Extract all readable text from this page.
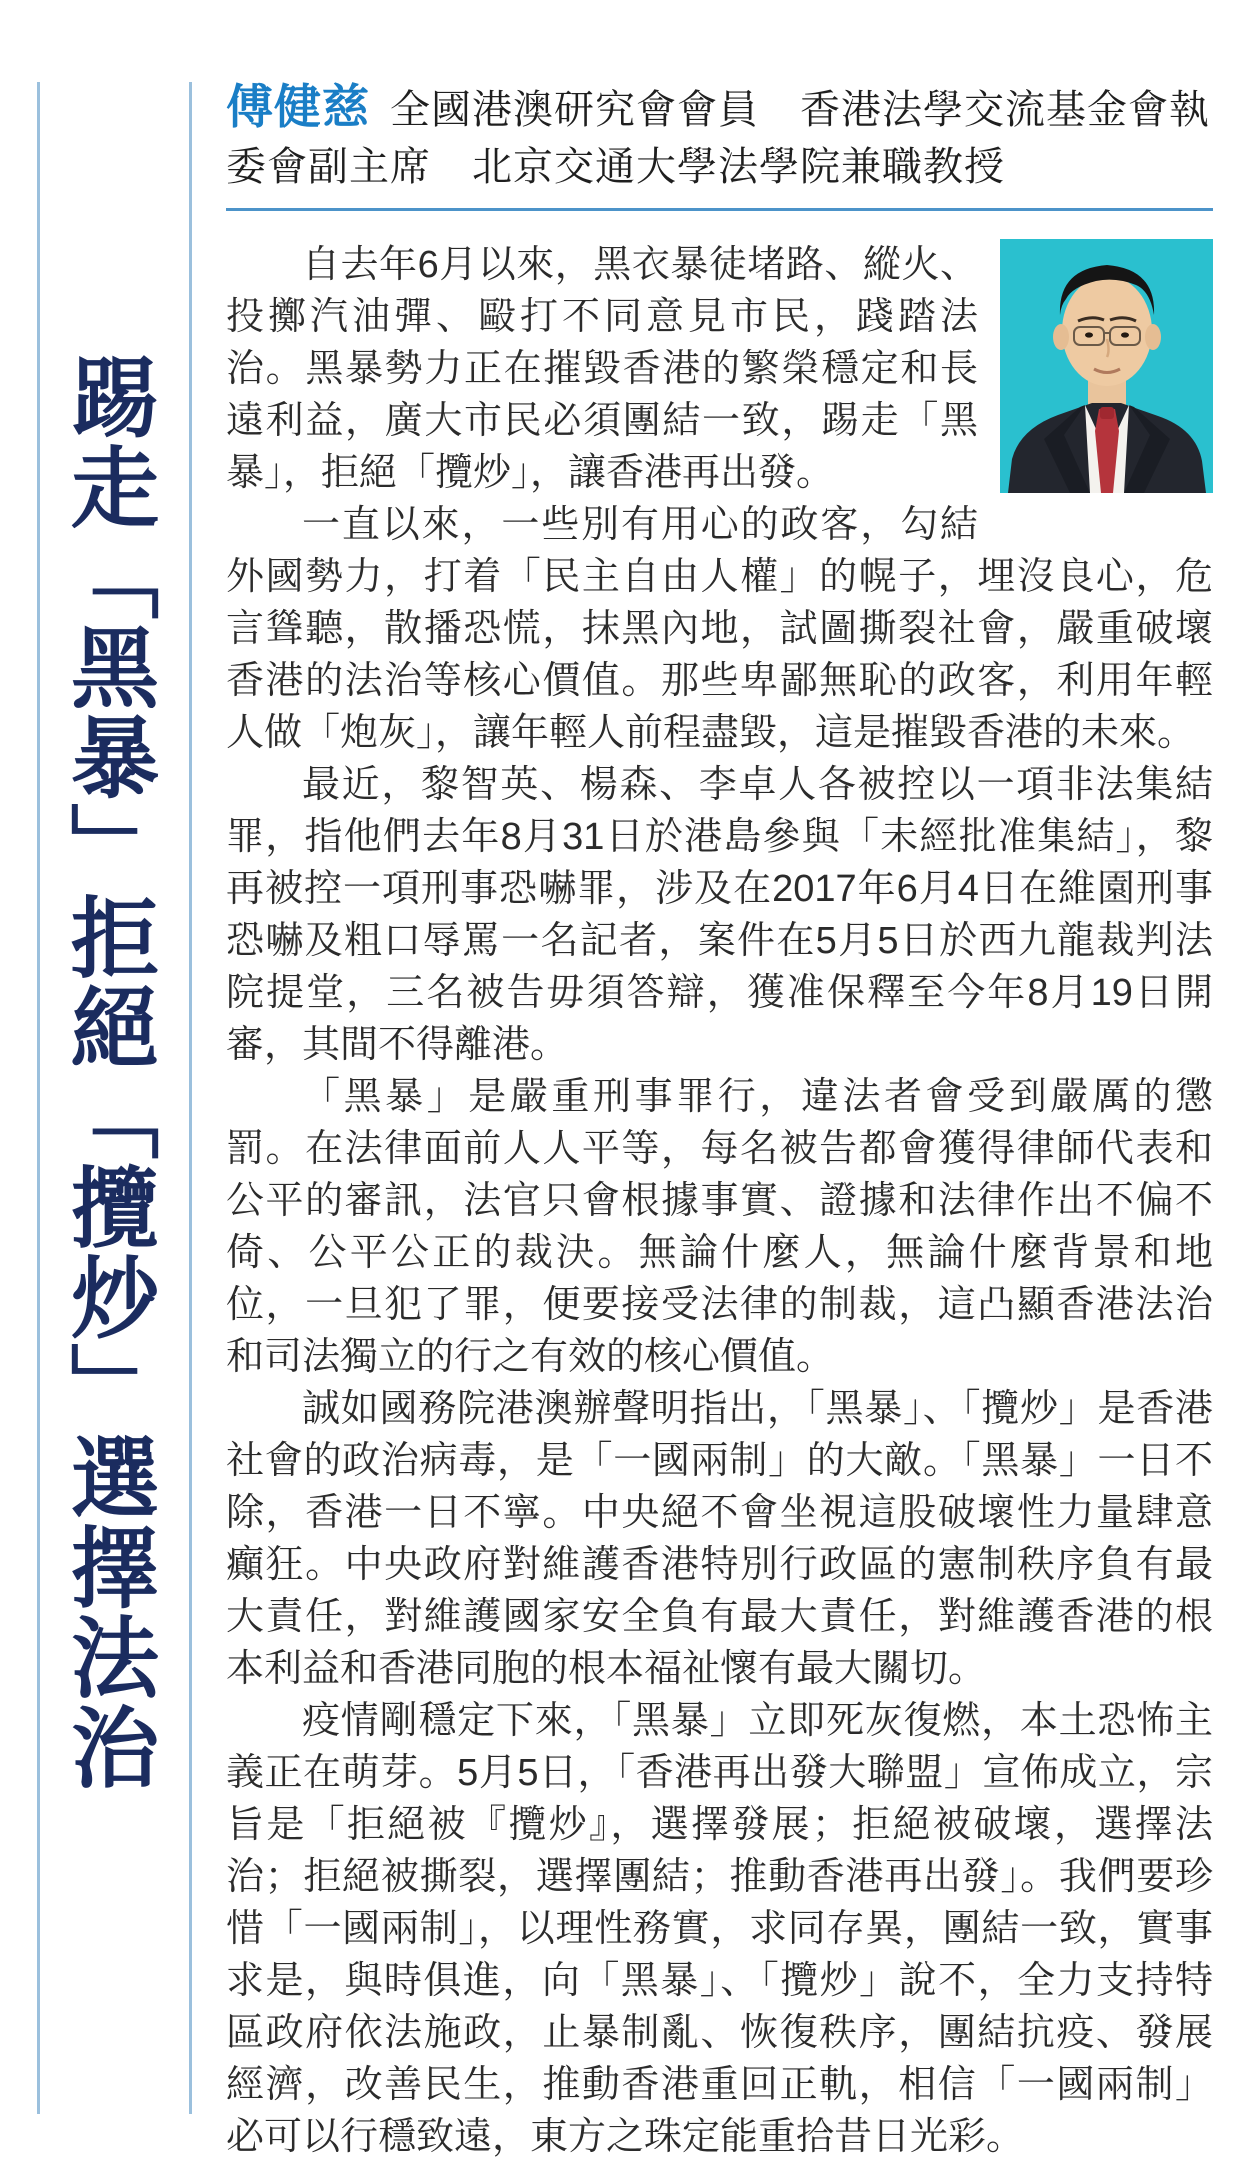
踢走「黑暴」拒絕「攬炒」選擇法治
傅健慈 全國港澳研究會會員　香港法學交流基金會執委會副主席　北京交通大學法學院兼職教授

自去年6月以來，黑衣暴徒堵路、縱火、投擲汽油彈、毆打不同意見市民，踐踏法治。黑暴勢力正在摧毀香港的繁榮穩定和長遠利益，廣大市民必須團結一致，踢走「黑暴」，拒絕「攬炒」，讓香港再出發。

一直以來，一些別有用心的政客，勾結外國勢力，打着「民主自由人權」的幌子，埋沒良心，危言聳聽，散播恐慌，抹黑內地，試圖撕裂社會，嚴重破壞香港的法治等核心價值。那些卑鄙無恥的政客，利用年輕人做「炮灰」，讓年輕人前程盡毀，這是摧毀香港的未來。

最近，黎智英、楊森、李卓人各被控以一項非法集結罪，指他們去年8月31日於港島參與「未經批准集結」，黎再被控一項刑事恐嚇罪，涉及在2017年6月4日在維園刑事恐嚇及粗口辱罵一名記者，案件在5月5日於西九龍裁判法院提堂，三名被告毋須答辯，獲准保釋至今年8月19日開審，其間不得離港。

「黑暴」是嚴重刑事罪行，違法者會受到嚴厲的懲罰。在法律面前人人平等，每名被告都會獲得律師代表和公平的審訊，法官只會根據事實、證據和法律作出不偏不倚、公平公正的裁決。無論什麼人，無論什麼背景和地位，一旦犯了罪，便要接受法律的制裁，這凸顯香港法治和司法獨立的行之有效的核心價值。

誠如國務院港澳辦聲明指出，「黑暴」、「攬炒」是香港社會的政治病毒，是「一國兩制」的大敵。「黑暴」一日不除，香港一日不寧。中央絕不會坐視這股破壞性力量肆意癲狂。中央政府對維護香港特別行政區的憲制秩序負有最大責任，對維護國家安全負有最大責任，對維護香港的根本利益和香港同胞的根本福祉懷有最大關切。

疫情剛穩定下來，「黑暴」立即死灰復燃，本土恐怖主義正在萌芽。5月5日，「香港再出發大聯盟」宣佈成立，宗旨是「拒絕被『攬炒』，選擇發展；拒絕被破壞，選擇法治；拒絕被撕裂，選擇團結；推動香港再出發」。我們要珍惜「一國兩制」，以理性務實，求同存異，團結一致，實事求是，與時俱進，向「黑暴」、「攬炒」說不，全力支持特區政府依法施政，止暴制亂、恢復秩序，團結抗疫、發展經濟，改善民生，推動香港重回正軌，相信「一國兩制」必可以行穩致遠，東方之珠定能重拾昔日光彩。
